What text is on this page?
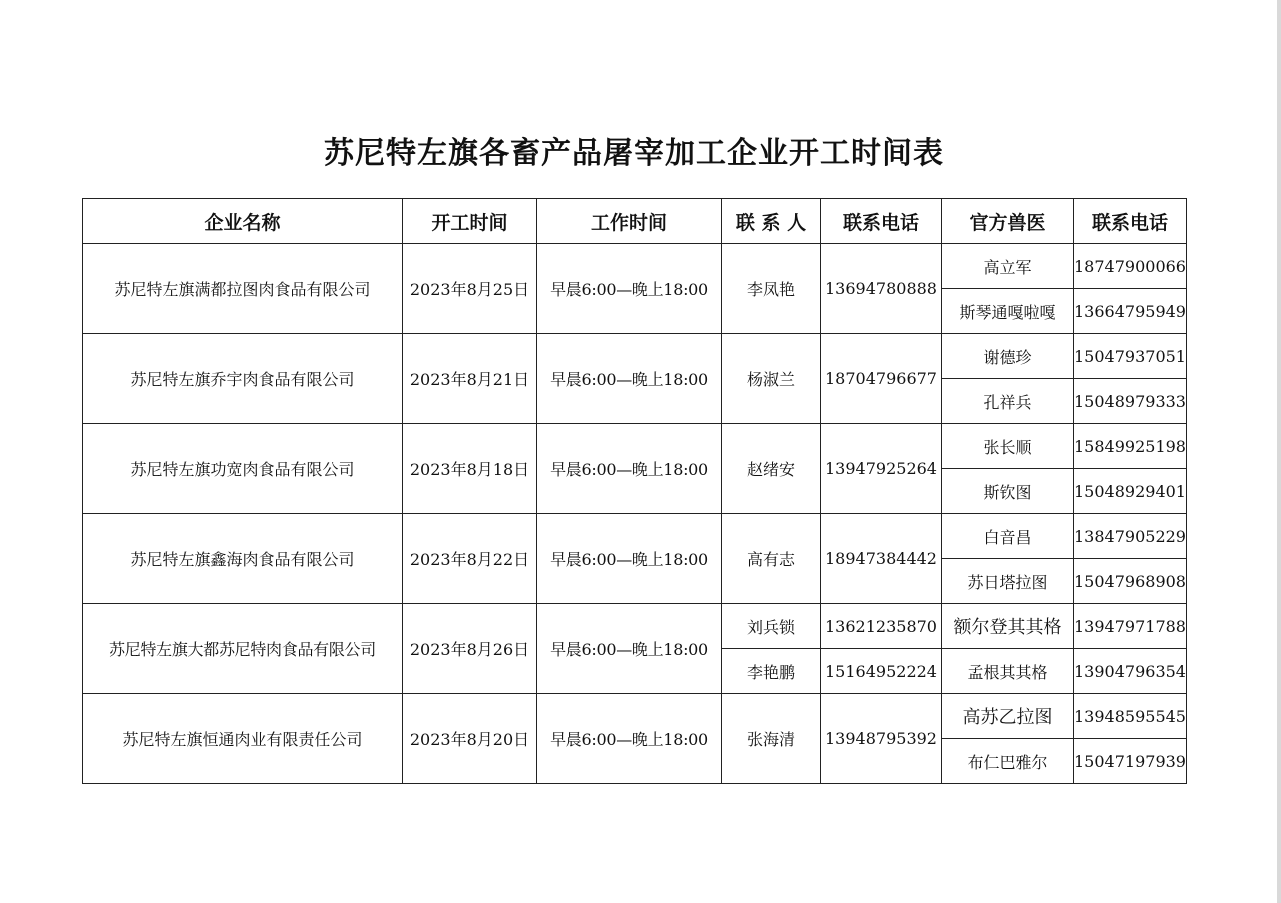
苏尼特左旗各畜产品屠宰加工企业开工时间表
企业名称	开工时间	工作时间	联 系 人	联系电话	官方兽医	联系电话
苏尼特左旗满都拉图肉食品有限公司	2023年8月25日	早晨6:00—晚上18:00	李凤艳	13694780888	高立军	18747900066
					斯琴通嘎啦嘎	13664795949
苏尼特左旗乔宇肉食品有限公司	2023年8月21日	早晨6:00—晚上18:00	杨淑兰	18704796677	谢德珍	15047937051
					孔祥兵	15048979333
苏尼特左旗功宽肉食品有限公司	2023年8月18日	早晨6:00—晚上18:00	赵绪安	13947925264	张长顺	15849925198
					斯钦图	15048929401
苏尼特左旗鑫海肉食品有限公司	2023年8月22日	早晨6:00—晚上18:00	高有志	18947384442	白音昌	13847905229
					苏日塔拉图	15047968908
苏尼特左旗大都苏尼特肉食品有限公司	2023年8月26日	早晨6:00—晚上18:00	刘兵锁	13621235870	额尔登其其格	13947971788
			李艳鹏	15164952224	孟根其其格	13904796354
苏尼特左旗恒通肉业有限责任公司	2023年8月20日	早晨6:00—晚上18:00	张海清	13948795392	高苏乙拉图	13948595545
					布仁巴雅尔	15047197939
